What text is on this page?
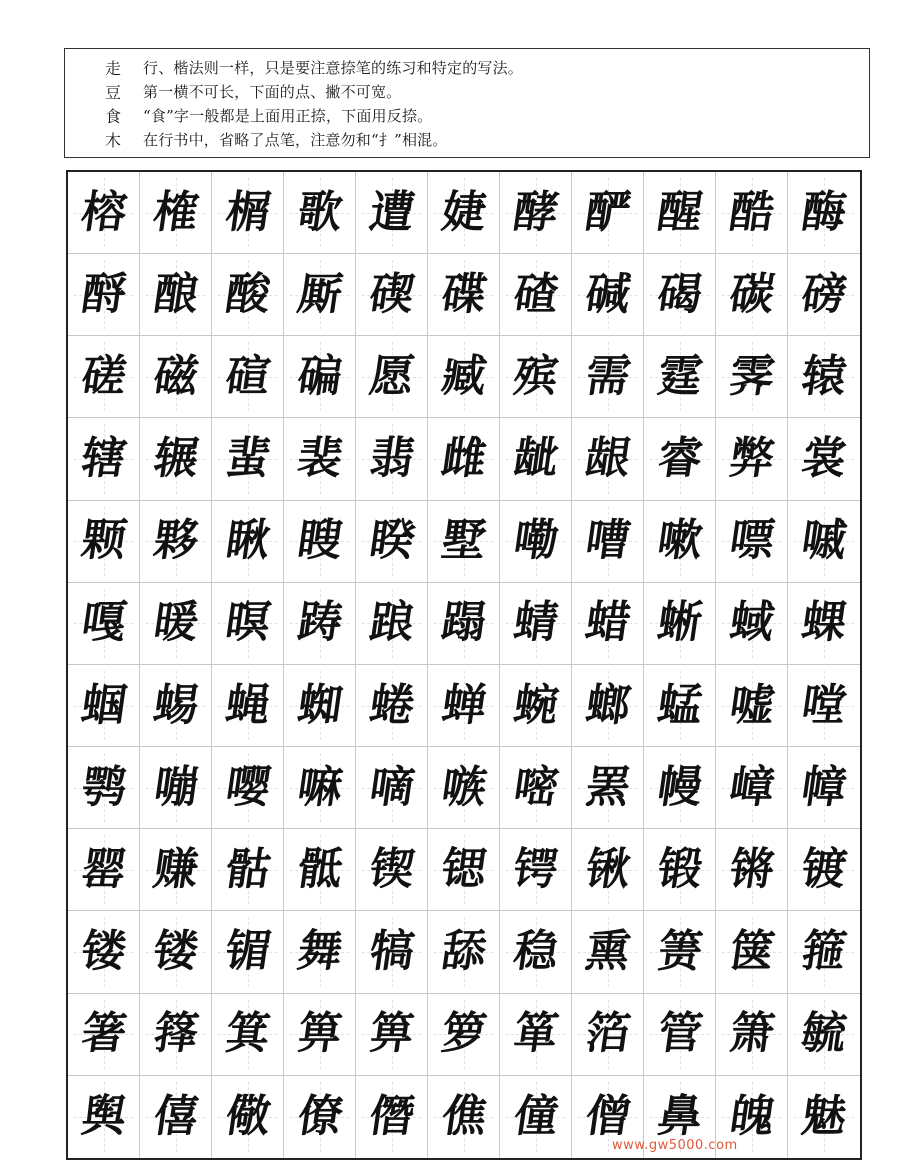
走	行、楷法则一样，只是要注意捺笔的练习和特定的写法。
豆	第一横不可长，下面的点、撇不可宽。
食	“食”字一般都是上面用正捺，下面用反捺。
木	在行书中，省略了点笔，注意勿和“扌”相混。
榕 榷 榍 歌 遭 婕 酵 酽 醒 酷 酶
酹 酿 酸 厮 碶 碟 碴 碱 碣 碳 磅
磋 磁 碹 碥 愿 臧 殡 需 霆 霁 辕
辖 辗 蜚 裴 翡 雌 龇 龈 睿 弊 裳
颗 夥 瞅 瞍 睽 墅 嘞 嘈 嗽 嘌 嘁
嘎 暖 暝 踌 踉 蹋 蜻 蜡 蜥 蜮 蜾
蝈 蜴 蝇 蜘 蜷 蝉 蜿 螂 蜢 嘘 嘡
鹗 嘣 嘤 嘛 嘀 嗾 嘧 罴 幔 嶂 幛
罂 赚 骷 骶 锲 锶 锷 锹 锻 锵 镀
镂 镂 镅 舞 犒 舔 稳 熏 箦 箧 箍
箸 箨 箕 箅 箅 箩 箪 箔 管 箫 毓
舆 僖 儆 僚 僭 僬 僮 僧 鼻 魄 魅
www.gw5000.com
